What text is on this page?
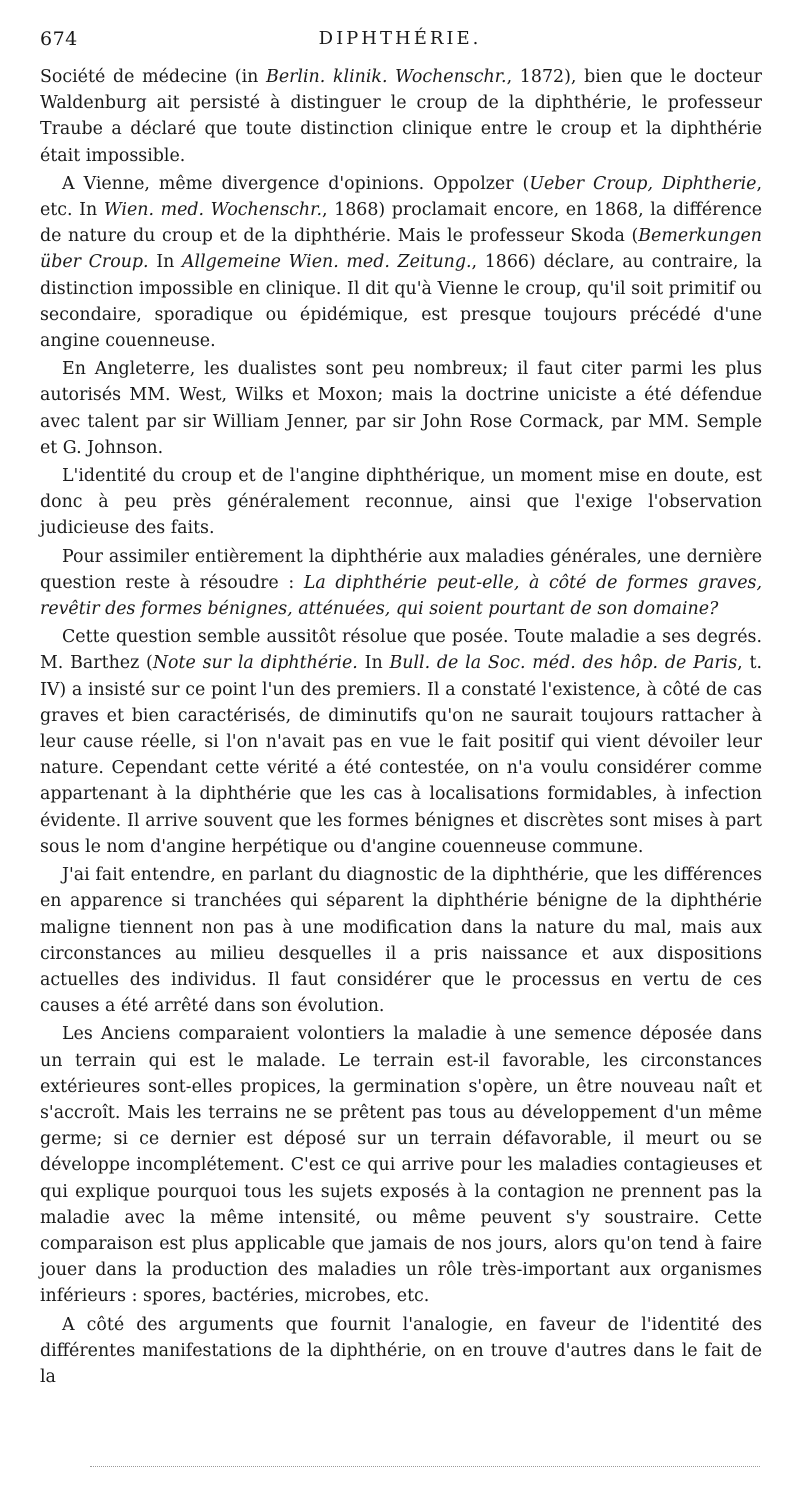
674	DIPHTHÉRIE.

Société de médecine (in Berlin. klinik. Wochenschr., 1872), bien que le docteur Waldenburg ait persisté à distinguer le croup de la diphthérie, le professeur Traube a déclaré que toute distinction clinique entre le croup et la diphthérie était impossible.

A Vienne, même divergence d'opinions. Oppolzer (Ueber Croup, Diphtherie, etc. In Wien. med. Wochenschr., 1868) proclamait encore, en 1868, la différence de nature du croup et de la diphthérie. Mais le professeur Skoda (Bemerkungen über Croup. In Allgemeine Wien. med. Zeitung., 1866) déclare, au contraire, la distinction impossible en clinique. Il dit qu'à Vienne le croup, qu'il soit primitif ou secondaire, sporadique ou épidémique, est presque toujours précédé d'une angine couenneuse.

En Angleterre, les dualistes sont peu nombreux; il faut citer parmi les plus autorisés MM. West, Wilks et Moxon; mais la doctrine uniciste a été défendue avec talent par sir William Jenner, par sir John Rose Cormack, par MM. Semple et G. Johnson.

L'identité du croup et de l'angine diphthérique, un moment mise en doute, est donc à peu près généralement reconnue, ainsi que l'exige l'observation judicieuse des faits.

Pour assimiler entièrement la diphthérie aux maladies générales, une dernière question reste à résoudre : La diphthérie peut-elle, à côté de formes graves, revêtir des formes bénignes, atténuées, qui soient pourtant de son domaine?

Cette question semble aussitôt résolue que posée. Toute maladie a ses degrés. M. Barthez (Note sur la diphthérie. In Bull. de la Soc. méd. des hôp. de Paris, t. IV) a insisté sur ce point l'un des premiers. Il a constaté l'existence, à côté de cas graves et bien caractérisés, de diminutifs qu'on ne saurait toujours rattacher à leur cause réelle, si l'on n'avait pas en vue le fait positif qui vient dévoiler leur nature. Cependant cette vérité a été contestée, on n'a voulu considérer comme appartenant à la diphthérie que les cas à localisations formidables, à infection évidente. Il arrive souvent que les formes bénignes et discrètes sont mises à part sous le nom d'angine herpétique ou d'angine couenneuse commune.

J'ai fait entendre, en parlant du diagnostic de la diphthérie, que les différences en apparence si tranchées qui séparent la diphthérie bénigne de la diphthérie maligne tiennent non pas à une modification dans la nature du mal, mais aux circonstances au milieu desquelles il a pris naissance et aux dispositions actuelles des individus. Il faut considérer que le processus en vertu de ces causes a été arrêté dans son évolution.

Les Anciens comparaient volontiers la maladie à une semence déposée dans un terrain qui est le malade. Le terrain est-il favorable, les circonstances extérieures sont-elles propices, la germination s'opère, un être nouveau naît et s'accroît. Mais les terrains ne se prêtent pas tous au développement d'un même germe; si ce dernier est déposé sur un terrain défavorable, il meurt ou se développe incomplétement. C'est ce qui arrive pour les maladies contagieuses et qui explique pourquoi tous les sujets exposés à la contagion ne prennent pas la maladie avec la même intensité, ou même peuvent s'y soustraire. Cette comparaison est plus applicable que jamais de nos jours, alors qu'on tend à faire jouer dans la production des maladies un rôle très-important aux organismes inférieurs : spores, bactéries, microbes, etc.

A côté des arguments que fournit l'analogie, en faveur de l'identité des différentes manifestations de la diphthérie, on en trouve d'autres dans le fait de la
